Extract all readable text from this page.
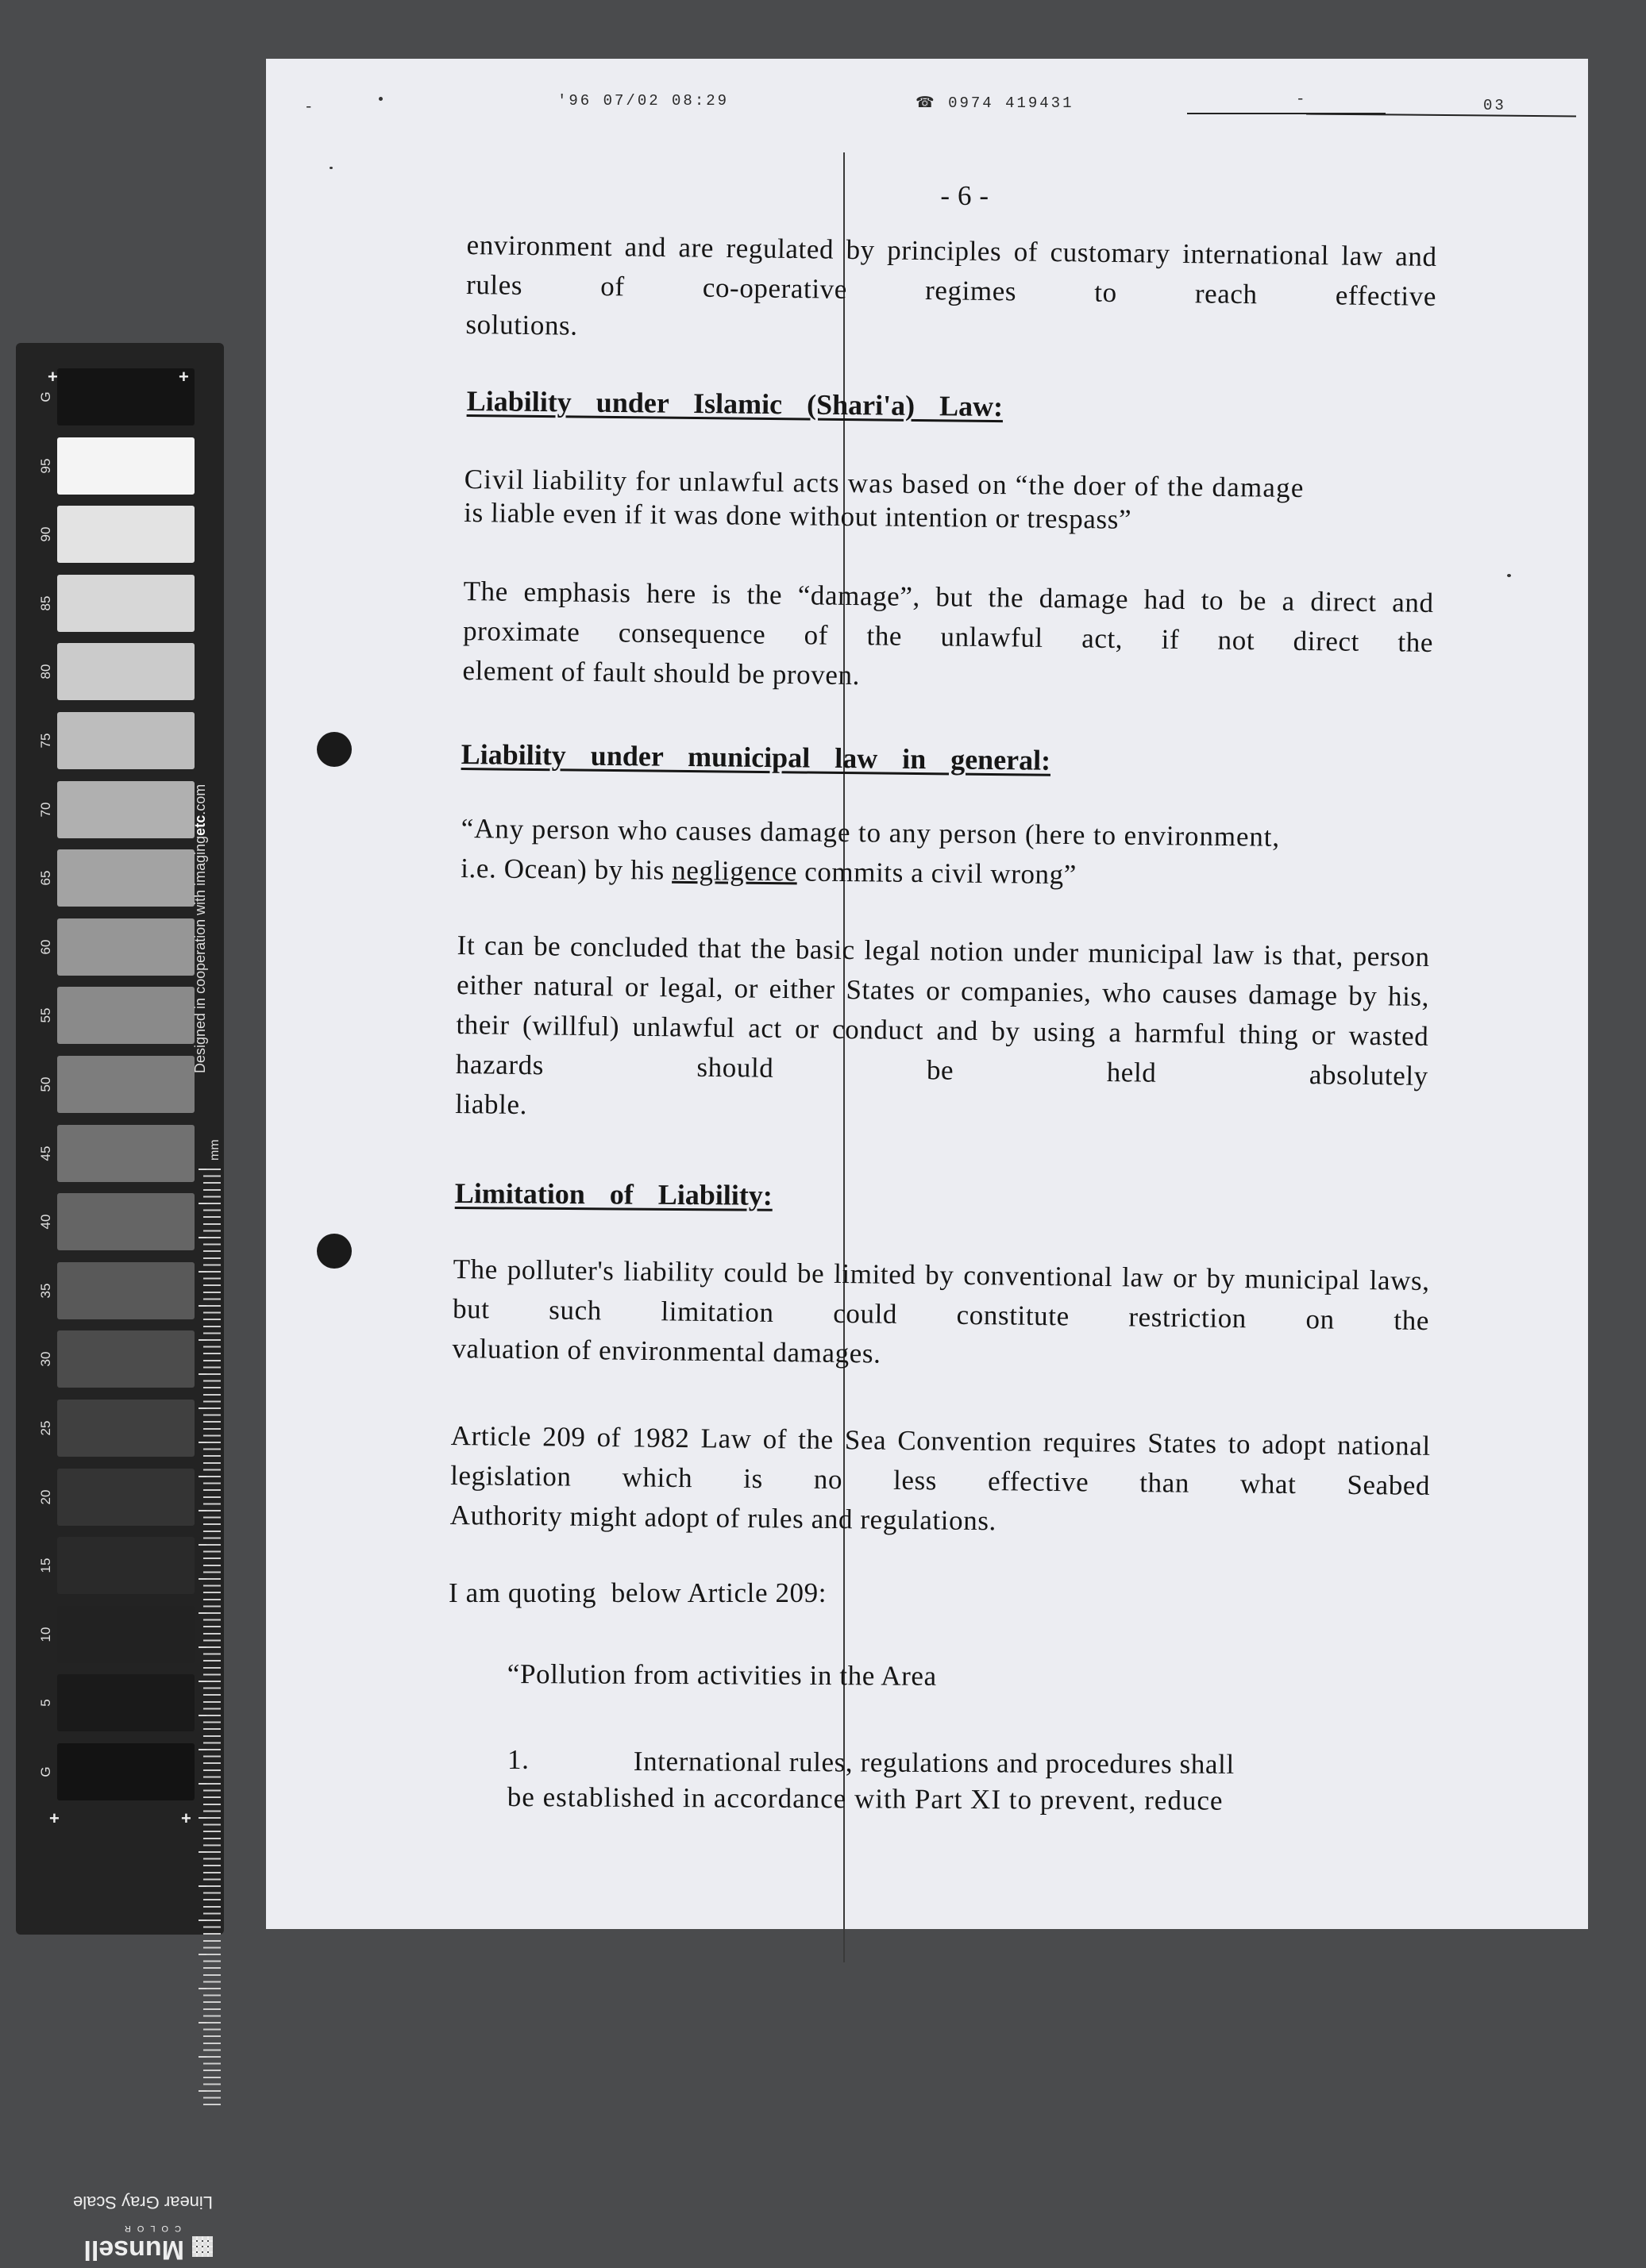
G
95
90
85
80
75
70
65
60
55
50
45
40
35
30
25
20
15
10
5
G
+	+
+	+
Designed in cooperation with imagingetc.com
mm
Linear Gray Scale
Munsell
COLOR
-	'96 07/02 08:29	☎ 0974 419431	-	03
- 6 -
environment and are regulated by principles of customary international law and rules of co-operative regimes to reach effective
solutions.
Liability under Islamic (Shari'a) Law:
Civil liability for unlawful acts was based on “the doer of the damage
is liable even if it was done without intention or trespass”
The emphasis here is the “damage”, but the damage had to be a direct and proximate consequence of the unlawful act, if not direct the
element of fault should be proven.
Liability under municipal law in general:
“Any person who causes damage to any person (here to environment,
i.e. Ocean) by his negligence commits a civil wrong”
It can be concluded that the basic legal notion under municipal law is that, person either natural or legal, or either States or companies, who causes damage by his, their (willful) unlawful act or conduct and by using a harmful thing or wasted hazards should be held absolutely
liable.
Limitation of Liability:
The polluter's liability could be limited by conventional law or by municipal laws, but such limitation could constitute restriction on the
valuation of environmental damages.
Article 209 of 1982 Law of the Sea Convention requires States to adopt national legislation which is no less effective than what Seabed
Authority might adopt of rules and regulations.
I am quoting  below Article 209:
“Pollution from activities in the Area
1.	International rules, regulations and procedures shall
be established in accordance with Part XI to prevent, reduce
